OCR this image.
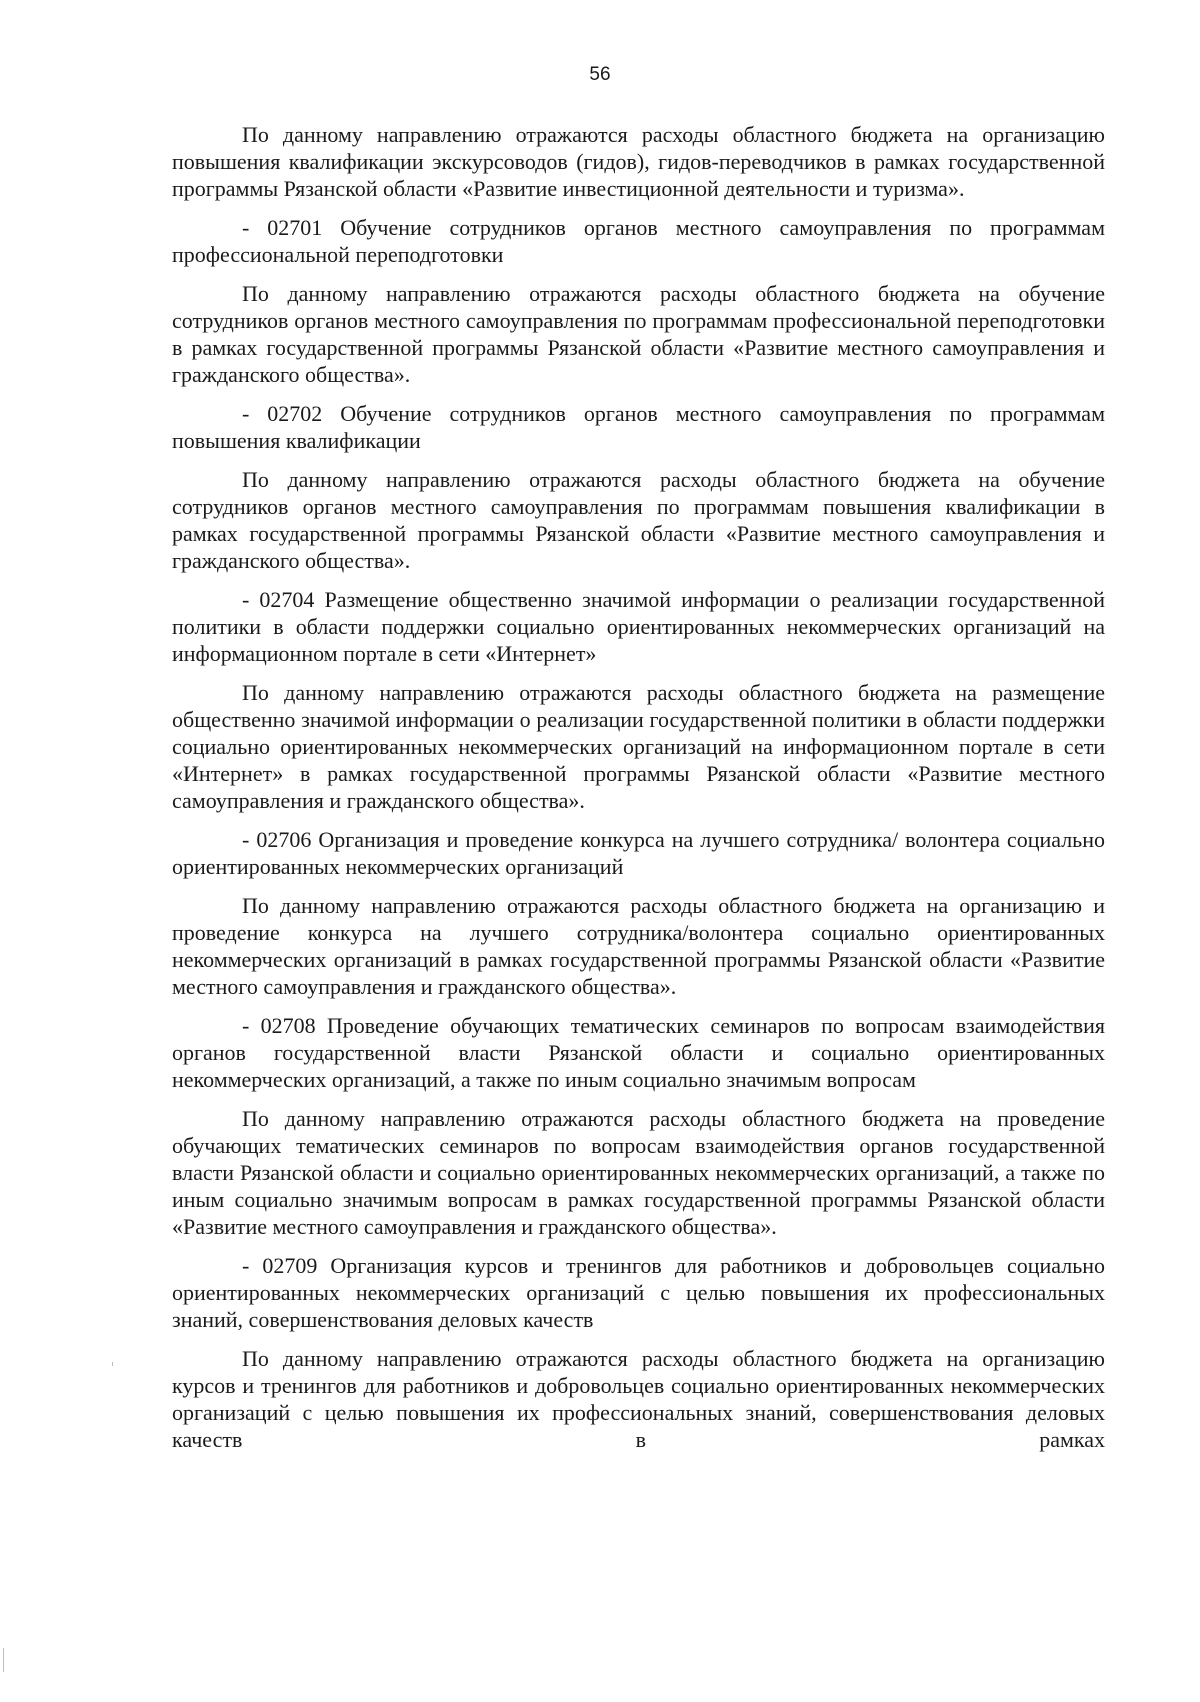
56

По данному направлению отражаются расходы областного бюджета на организацию повышения квалификации экскурсоводов (гидов), гидов-переводчиков в рамках государственной программы Рязанской области «Развитие инвестиционной деятельности и туризма».

- 02701 Обучение сотрудников органов местного самоуправления по программам профессиональной переподготовки

По данному направлению отражаются расходы областного бюджета на обучение сотрудников органов местного самоуправления по программам профессиональной переподготовки в рамках государственной программы Рязанской области «Развитие местного самоуправления и гражданского общества».

- 02702 Обучение сотрудников органов местного самоуправления по программам повышения квалификации

По данному направлению отражаются расходы областного бюджета на обучение сотрудников органов местного самоуправления по программам повышения квалификации в рамках государственной программы Рязанской области «Развитие местного самоуправления и гражданского общества».

- 02704 Размещение общественно значимой информации о реализации государственной политики в области поддержки социально ориентированных некоммерческих организаций на информационном портале в сети «Интернет»

По данному направлению отражаются расходы областного бюджета на размещение общественно значимой информации о реализации государственной политики в области поддержки социально ориентированных некоммерческих организаций на информационном портале в сети «Интернет» в рамках государственной программы Рязанской области «Развитие местного самоуправления и гражданского общества».

- 02706 Организация и проведение конкурса на лучшего сотрудника/ волонтера социально ориентированных некоммерческих организаций

По данному направлению отражаются расходы областного бюджета на организацию и проведение конкурса на лучшего сотрудника/волонтера социально ориентированных некоммерческих организаций в рамках государственной программы Рязанской области «Развитие местного самоуправления и гражданского общества».

- 02708 Проведение обучающих тематических семинаров по вопросам взаимодействия органов государственной власти Рязанской области и социально ориентированных некоммерческих организаций, а также по иным социально значимым вопросам

По данному направлению отражаются расходы областного бюджета на проведение обучающих тематических семинаров по вопросам взаимодействия органов государственной власти Рязанской области и социально ориентированных некоммерческих организаций, а также по иным социально значимым вопросам в рамках государственной программы Рязанской области «Развитие местного самоуправления и гражданского общества».

- 02709 Организация курсов и тренингов для работников и добровольцев социально ориентированных некоммерческих организаций с целью повышения их профессиональных знаний, совершенствования деловых качеств

По данному направлению отражаются расходы областного бюджета на организацию курсов и тренингов для работников и добровольцев социально ориентированных некоммерческих организаций с целью повышения их профессиональных знаний, совершенствования деловых качеств в рамках
